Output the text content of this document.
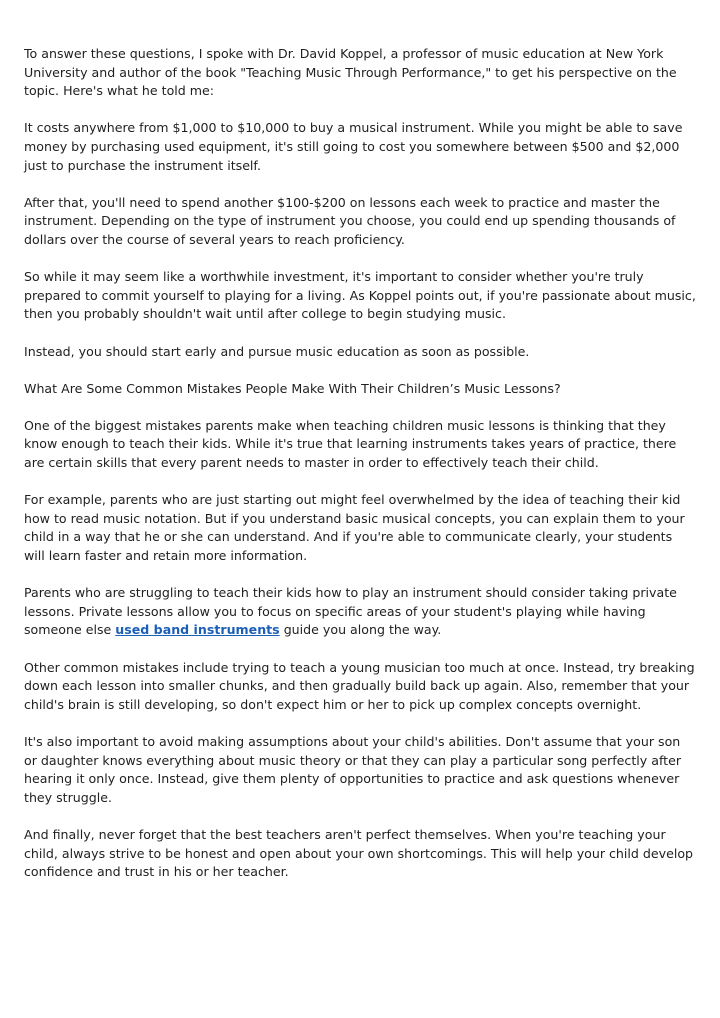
To answer these questions, I spoke with Dr. David Koppel, a professor of music education at New York University and author of the book "Teaching Music Through Performance," to get his perspective on the topic. Here's what he told me:

It costs anywhere from $1,000 to $10,000 to buy a musical instrument. While you might be able to save money by purchasing used equipment, it's still going to cost you somewhere between $500 and $2,000 just to purchase the instrument itself.

After that, you'll need to spend another $100-$200 on lessons each week to practice and master the instrument. Depending on the type of instrument you choose, you could end up spending thousands of dollars over the course of several years to reach proficiency.

So while it may seem like a worthwhile investment, it's important to consider whether you're truly prepared to commit yourself to playing for a living. As Koppel points out, if you're passionate about music, then you probably shouldn't wait until after college to begin studying music.

Instead, you should start early and pursue music education as soon as possible.

What Are Some Common Mistakes People Make With Their Children’s Music Lessons?

One of the biggest mistakes parents make when teaching children music lessons is thinking that they know enough to teach their kids. While it's true that learning instruments takes years of practice, there are certain skills that every parent needs to master in order to effectively teach their child.

For example, parents who are just starting out might feel overwhelmed by the idea of teaching their kid how to read music notation. But if you understand basic musical concepts, you can explain them to your child in a way that he or she can understand. And if you're able to communicate clearly, your students will learn faster and retain more information.

Parents who are struggling to teach their kids how to play an instrument should consider taking private lessons. Private lessons allow you to focus on specific areas of your student's playing while having someone else used band instruments guide you along the way.

Other common mistakes include trying to teach a young musician too much at once. Instead, try breaking down each lesson into smaller chunks, and then gradually build back up again. Also, remember that your child's brain is still developing, so don't expect him or her to pick up complex concepts overnight.

It's also important to avoid making assumptions about your child's abilities. Don't assume that your son or daughter knows everything about music theory or that they can play a particular song perfectly after hearing it only once. Instead, give them plenty of opportunities to practice and ask questions whenever they struggle.

And finally, never forget that the best teachers aren't perfect themselves. When you're teaching your child, always strive to be honest and open about your own shortcomings. This will help your child develop confidence and trust in his or her teacher.
